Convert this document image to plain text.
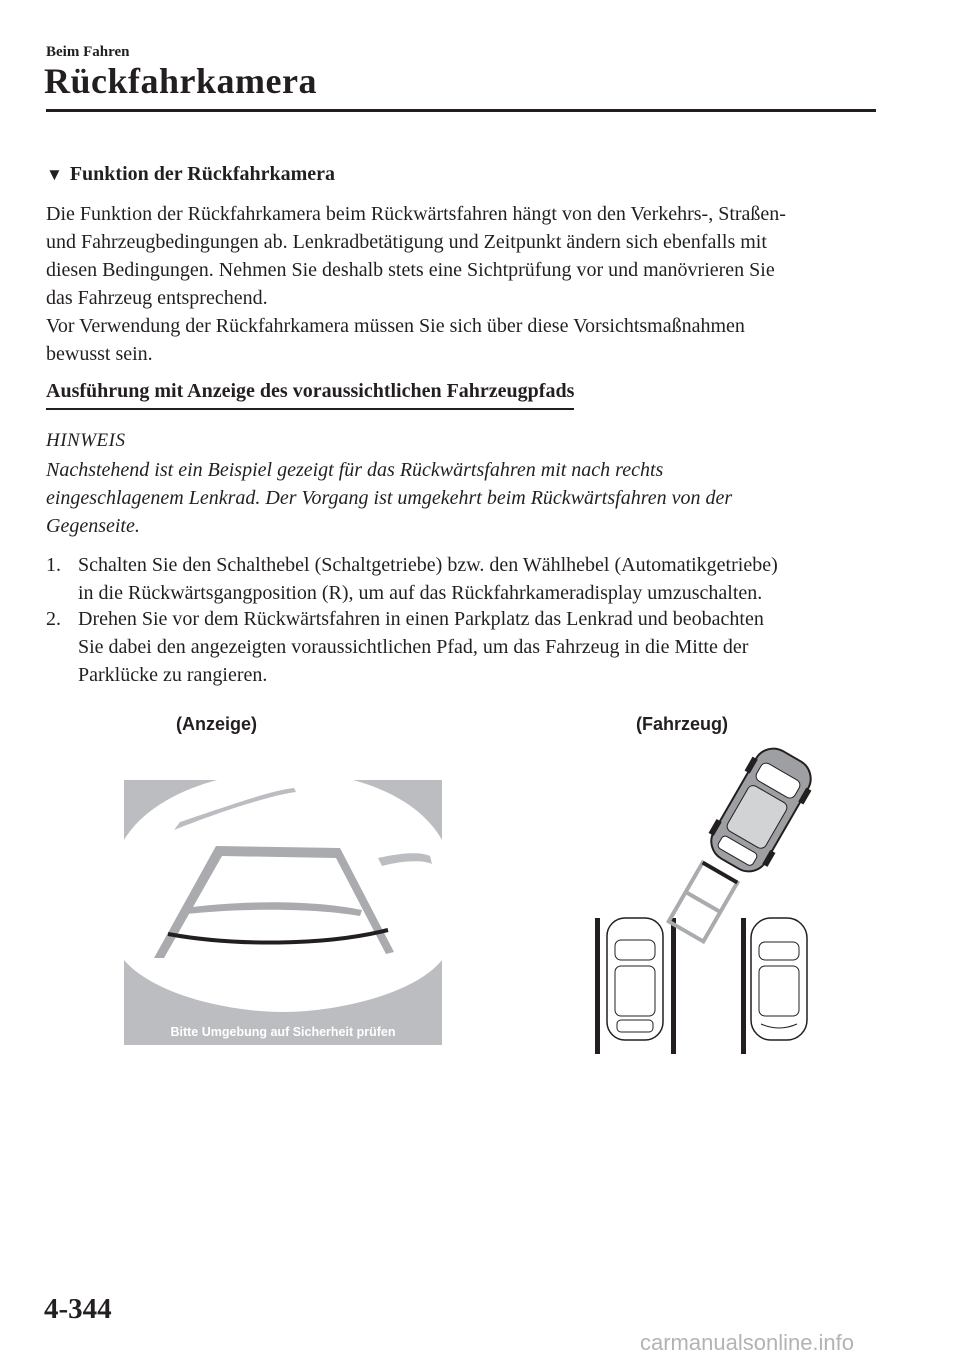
Beim Fahren
Rückfahrkamera
▼ Funktion der Rückfahrkamera
Die Funktion der Rückfahrkamera beim Rückwärtsfahren hängt von den Verkehrs-, Straßen-
und Fahrzeugbedingungen ab. Lenkradbetätigung und Zeitpunkt ändern sich ebenfalls mit
diesen Bedingungen. Nehmen Sie deshalb stets eine Sichtprüfung vor und manövrieren Sie
das Fahrzeug entsprechend.
Vor Verwendung der Rückfahrkamera müssen Sie sich über diese Vorsichtsmaßnahmen
bewusst sein.
Ausführung mit Anzeige des voraussichtlichen Fahrzeugpfads
HINWEIS
Nachstehend ist ein Beispiel gezeigt für das Rückwärtsfahren mit nach rechts
eingeschlagenem Lenkrad. Der Vorgang ist umgekehrt beim Rückwärtsfahren von der
Gegenseite.
1. Schalten Sie den Schalthebel (Schaltgetriebe) bzw. den Wählhebel (Automatikgetriebe)
in die Rückwärtsgangposition (R), um auf das Rückfahrkameradisplay umzuschalten.
2. Drehen Sie vor dem Rückwärtsfahren in einen Parkplatz das Lenkrad und beobachten
Sie dabei den angezeigten voraussichtlichen Pfad, um das Fahrzeug in die Mitte der
Parklücke zu rangieren.
(Anzeige)	(Fahrzeug)
Bitte Umgebung auf Sicherheit prüfen
4-344
carmanualsonline.info
